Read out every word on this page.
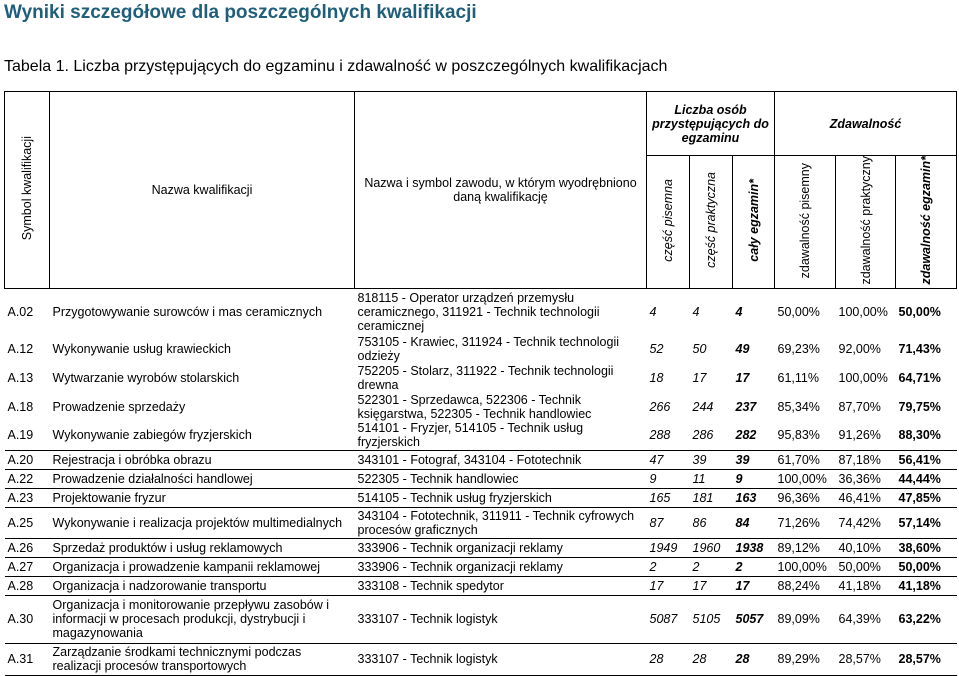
Wyniki szczegółowe dla poszczególnych kwalifikacji
Tabela 1. Liczba przystępujących do egzaminu i zdawalność w poszczególnych kwalifikacjach
Symbol kwalifikacji	Nazwa kwalifikacji	Nazwa i symbol zawodu, w którym wyodrębniono daną kwalifikację	Liczba osób przystępujących do egzaminu			Zdawalność		
			część pisemna	część praktyczna	cały egzamin*	zdawalność pisemny	zdawalność praktyczny	zdawalność egzamin*
A.02	Przygotowywanie surowców i mas ceramicznych	818115 - Operator urządzeń przemysłu ceramicznego, 311921 - Technik technologii ceramicznej	4	4	4	50,00%	100,00%	50,00%
A.12	Wykonywanie usług krawieckich	753105 - Krawiec, 311924 - Technik technologii odzieży	52	50	49	69,23%	92,00%	71,43%
A.13	Wytwarzanie wyrobów stolarskich	752205 - Stolarz, 311922 - Technik technologii drewna	18	17	17	61,11%	100,00%	64,71%
A.18	Prowadzenie sprzedaży	522301 - Sprzedawca, 522306 - Technik księgarstwa, 522305 - Technik handlowiec	266	244	237	85,34%	87,70%	79,75%
A.19	Wykonywanie zabiegów fryzjerskich	514101 - Fryzjer, 514105 - Technik usług fryzjerskich	288	286	282	95,83%	91,26%	88,30%
A.20	Rejestracja i obróbka obrazu	343101 - Fotograf, 343104 - Fototechnik	47	39	39	61,70%	87,18%	56,41%
A.22	Prowadzenie działalności handlowej	522305 - Technik handlowiec	9	11	9	100,00%	36,36%	44,44%
A.23	Projektowanie fryzur	514105 - Technik usług fryzjerskich	165	181	163	96,36%	46,41%	47,85%
A.25	Wykonywanie i realizacja projektów multimedialnych	343104 - Fototechnik, 311911 - Technik cyfrowych procesów graficznych	87	86	84	71,26%	74,42%	57,14%
A.26	Sprzedaż produktów i usług reklamowych	333906 - Technik organizacji reklamy	1949	1960	1938	89,12%	40,10%	38,60%
A.27	Organizacja i prowadzenie kampanii reklamowej	333906 - Technik organizacji reklamy	2	2	2	100,00%	50,00%	50,00%
A.28	Organizacja i nadzorowanie transportu	333108 - Technik spedytor	17	17	17	88,24%	41,18%	41,18%
A.30	Organizacja i monitorowanie przepływu zasobów i informacji w procesach produkcji, dystrybucji i magazynowania	333107 - Technik logistyk	5087	5105	5057	89,09%	64,39%	63,22%
A.31	Zarządzanie środkami technicznymi podczas realizacji procesów transportowych	333107 - Technik logistyk	28	28	28	89,29%	28,57%	28,57%
